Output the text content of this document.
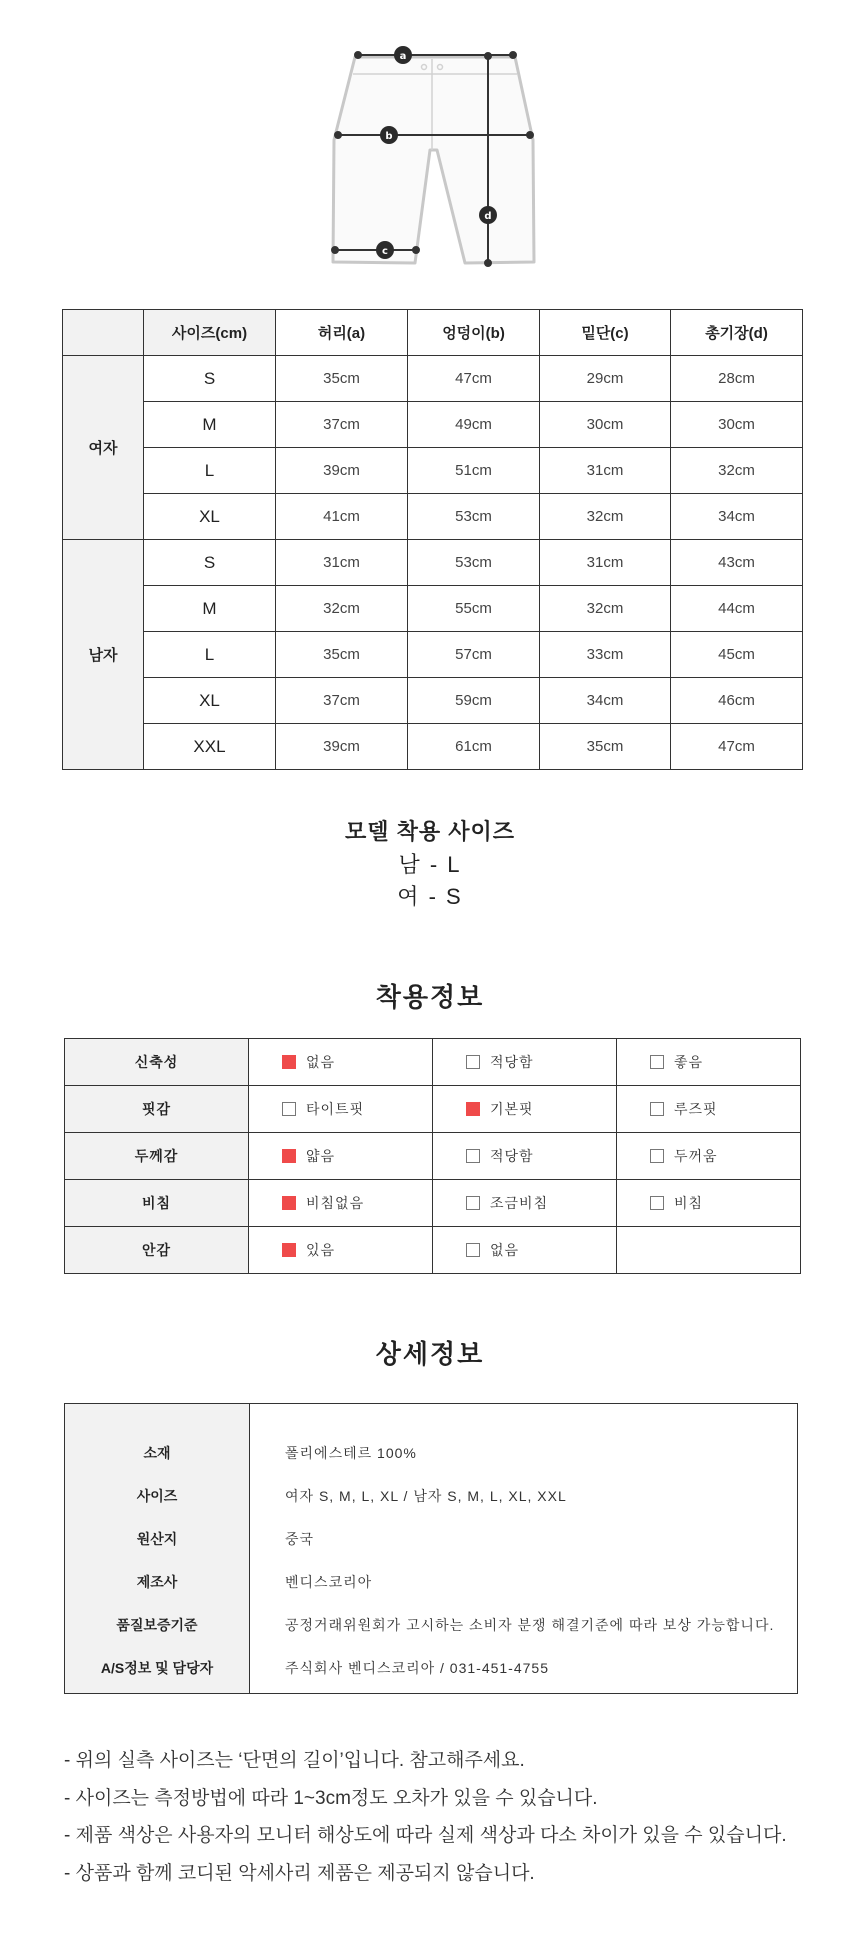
a
b
c
d
	사이즈(cm)	허리(a)	엉덩이(b)	밑단(c)	총기장(d)
여자	S	35cm	47cm	29cm	28cm
	M	37cm	49cm	30cm	30cm
	L	39cm	51cm	31cm	32cm
	XL	41cm	53cm	32cm	34cm
남자	S	31cm	53cm	31cm	43cm
	M	32cm	55cm	32cm	44cm
	L	35cm	57cm	33cm	45cm
	XL	37cm	59cm	34cm	46cm
	XXL	39cm	61cm	35cm	47cm
모델 착용 사이즈
남 - L
여 - S
착용정보
신축성	없음	적당함	좋음
핏감	타이트핏	기본핏	루즈핏
두께감	얇음	적당함	두꺼움
비침	비침없음	조금비침	비침
안감	있음	없음	
상세정보
소재	폴리에스테르 100%
사이즈	여자 S, M, L, XL / 남자 S, M, L, XL, XXL
원산지	중국
제조사	벤디스코리아
품질보증기준	공정거래위원회가 고시하는 소비자 분쟁 해결기준에 따라 보상 가능합니다.
A/S정보 및 담당자	주식회사 벤디스코리아 / 031-451-4755
- 위의 실측 사이즈는 ‘단면의 길이’입니다. 참고해주세요.
- 사이즈는 측정방법에 따라 1~3cm정도 오차가 있을 수 있습니다.
- 제품 색상은 사용자의 모니터 해상도에 따라 실제 색상과 다소 차이가 있을 수 있습니다.
- 상품과 함께 코디된 악세사리 제품은 제공되지 않습니다.
